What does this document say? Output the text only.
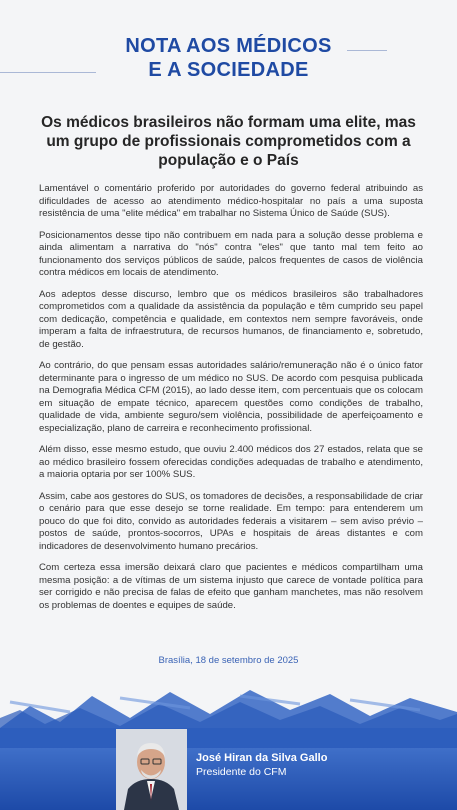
NOTA AOS MÉDICOS
E A SOCIEDADE
Os médicos brasileiros não formam uma elite, mas um grupo de profissionais comprometidos com a população e o País

Lamentável o comentário proferido por autoridades do governo federal atribuindo as dificuldades de acesso ao atendimento médico-hospitalar no país a uma suposta resistência de uma "elite médica" em trabalhar no Sistema Único de Saúde (SUS).

Posicionamentos desse tipo não contribuem em nada para a solução desse problema e ainda alimentam a narrativa do "nós" contra "eles" que tanto mal tem feito ao funcionamento dos serviços públicos de saúde, palcos frequentes de casos de violência contra médicos em locais de atendimento.

Aos adeptos desse discurso, lembro que os médicos brasileiros são trabalhadores comprometidos com a qualidade da assistência da população e têm cumprido seu papel com dedicação, competência e qualidade, em contextos nem sempre favoráveis, onde imperam a falta de infraestrutura, de recursos humanos, de financiamento e, sobretudo, de gestão.

Ao contrário, do que pensam essas autoridades salário/remuneração não é o único fator determinante para o ingresso de um médico no SUS. De acordo com pesquisa publicada na Demografia Médica CFM (2015), ao lado desse item, com percentuais que os colocam em situação de empate técnico, aparecem questões como condições de trabalho, qualidade de vida, ambiente seguro/sem violência, possibilidade de aperfeiçoamento e especialização, plano de carreira e reconhecimento profissional.

Além disso, esse mesmo estudo, que ouviu 2.400 médicos dos 27 estados, relata que se ao médico brasileiro fossem oferecidas condições adequadas de trabalho e atendimento, a maioria optaria por ser 100% SUS.

Assim, cabe aos gestores do SUS, os tomadores de decisões, a responsabilidade de criar o cenário para que esse desejo se torne realidade. Em tempo: para entenderem um pouco do que foi dito, convido as autoridades federais a visitarem – sem aviso prévio – postos de saúde, prontos-socorros, UPAs e hospitais de áreas distantes e com indicadores de desenvolvimento humano precários.

Com certeza essa imersão deixará claro que pacientes e médicos compartilham uma mesma posição: a de vítimas de um sistema injusto que carece de vontade política para ser corrigido e não precisa de falas de efeito que ganham manchetes, mas não resolvem os problemas de doentes e equipes de saúde.

Brasília, 18 de setembro de 2025
José Hiran da Silva Gallo
Presidente do CFM
